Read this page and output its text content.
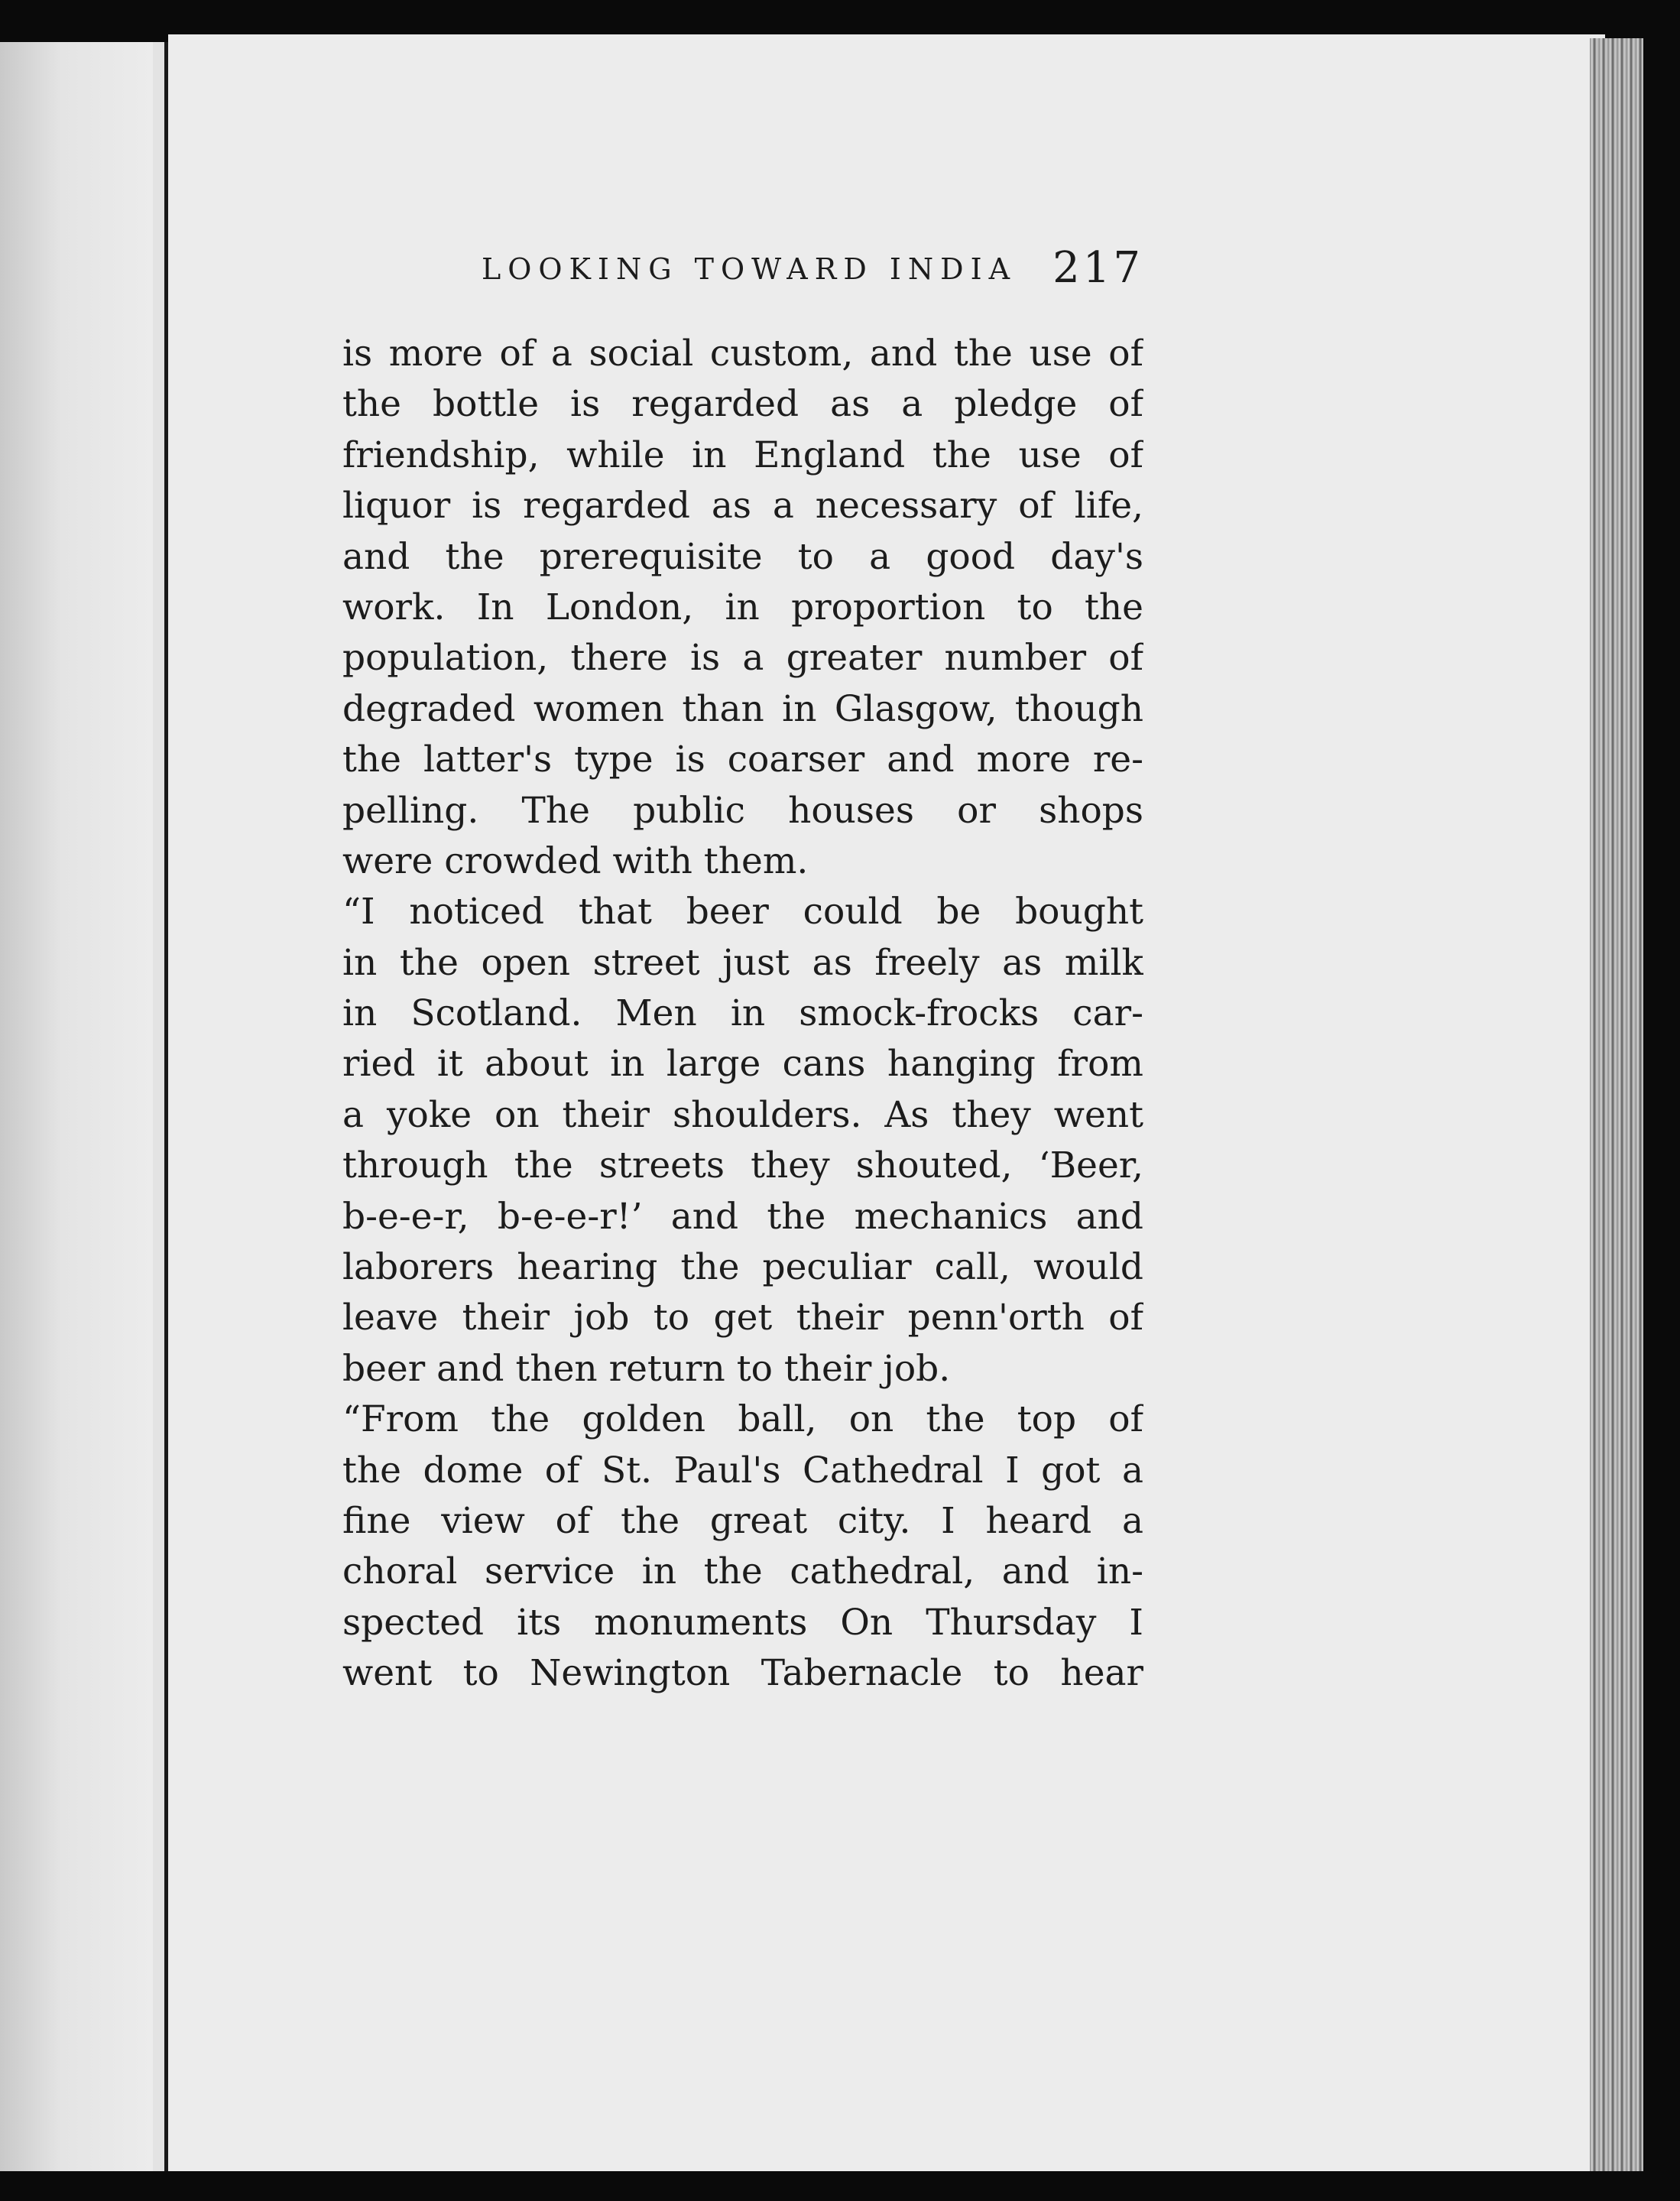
LOOKING TOWARD INDIA 217
is more of a social custom, and the use of
the bottle is regarded as a pledge of
friendship, while in England the use of
liquor is regarded as a necessary of life,
and the prerequisite to a good day's
work. In London, in proportion to the
population, there is a greater number of
degraded women than in Glasgow, though
the latter's type is coarser and more re-
pelling. The public houses or shops
were crowded with them.
“I noticed that beer could be bought
in the open street just as freely as milk
in Scotland. Men in smock-frocks car-
ried it about in large cans hanging from
a yoke on their shoulders. As they went
through the streets they shouted, ‘Beer,
b-e-e-r, b-e-e-r!’ and the mechanics and
laborers hearing the peculiar call, would
leave their job to get their penn'orth of
beer and then return to their job.
“From the golden ball, on the top of
the dome of St. Paul's Cathedral I got a
fine view of the great city. I heard a
choral service in the cathedral, and in-
spected its monuments On Thursday I
went to Newington Tabernacle to hear
